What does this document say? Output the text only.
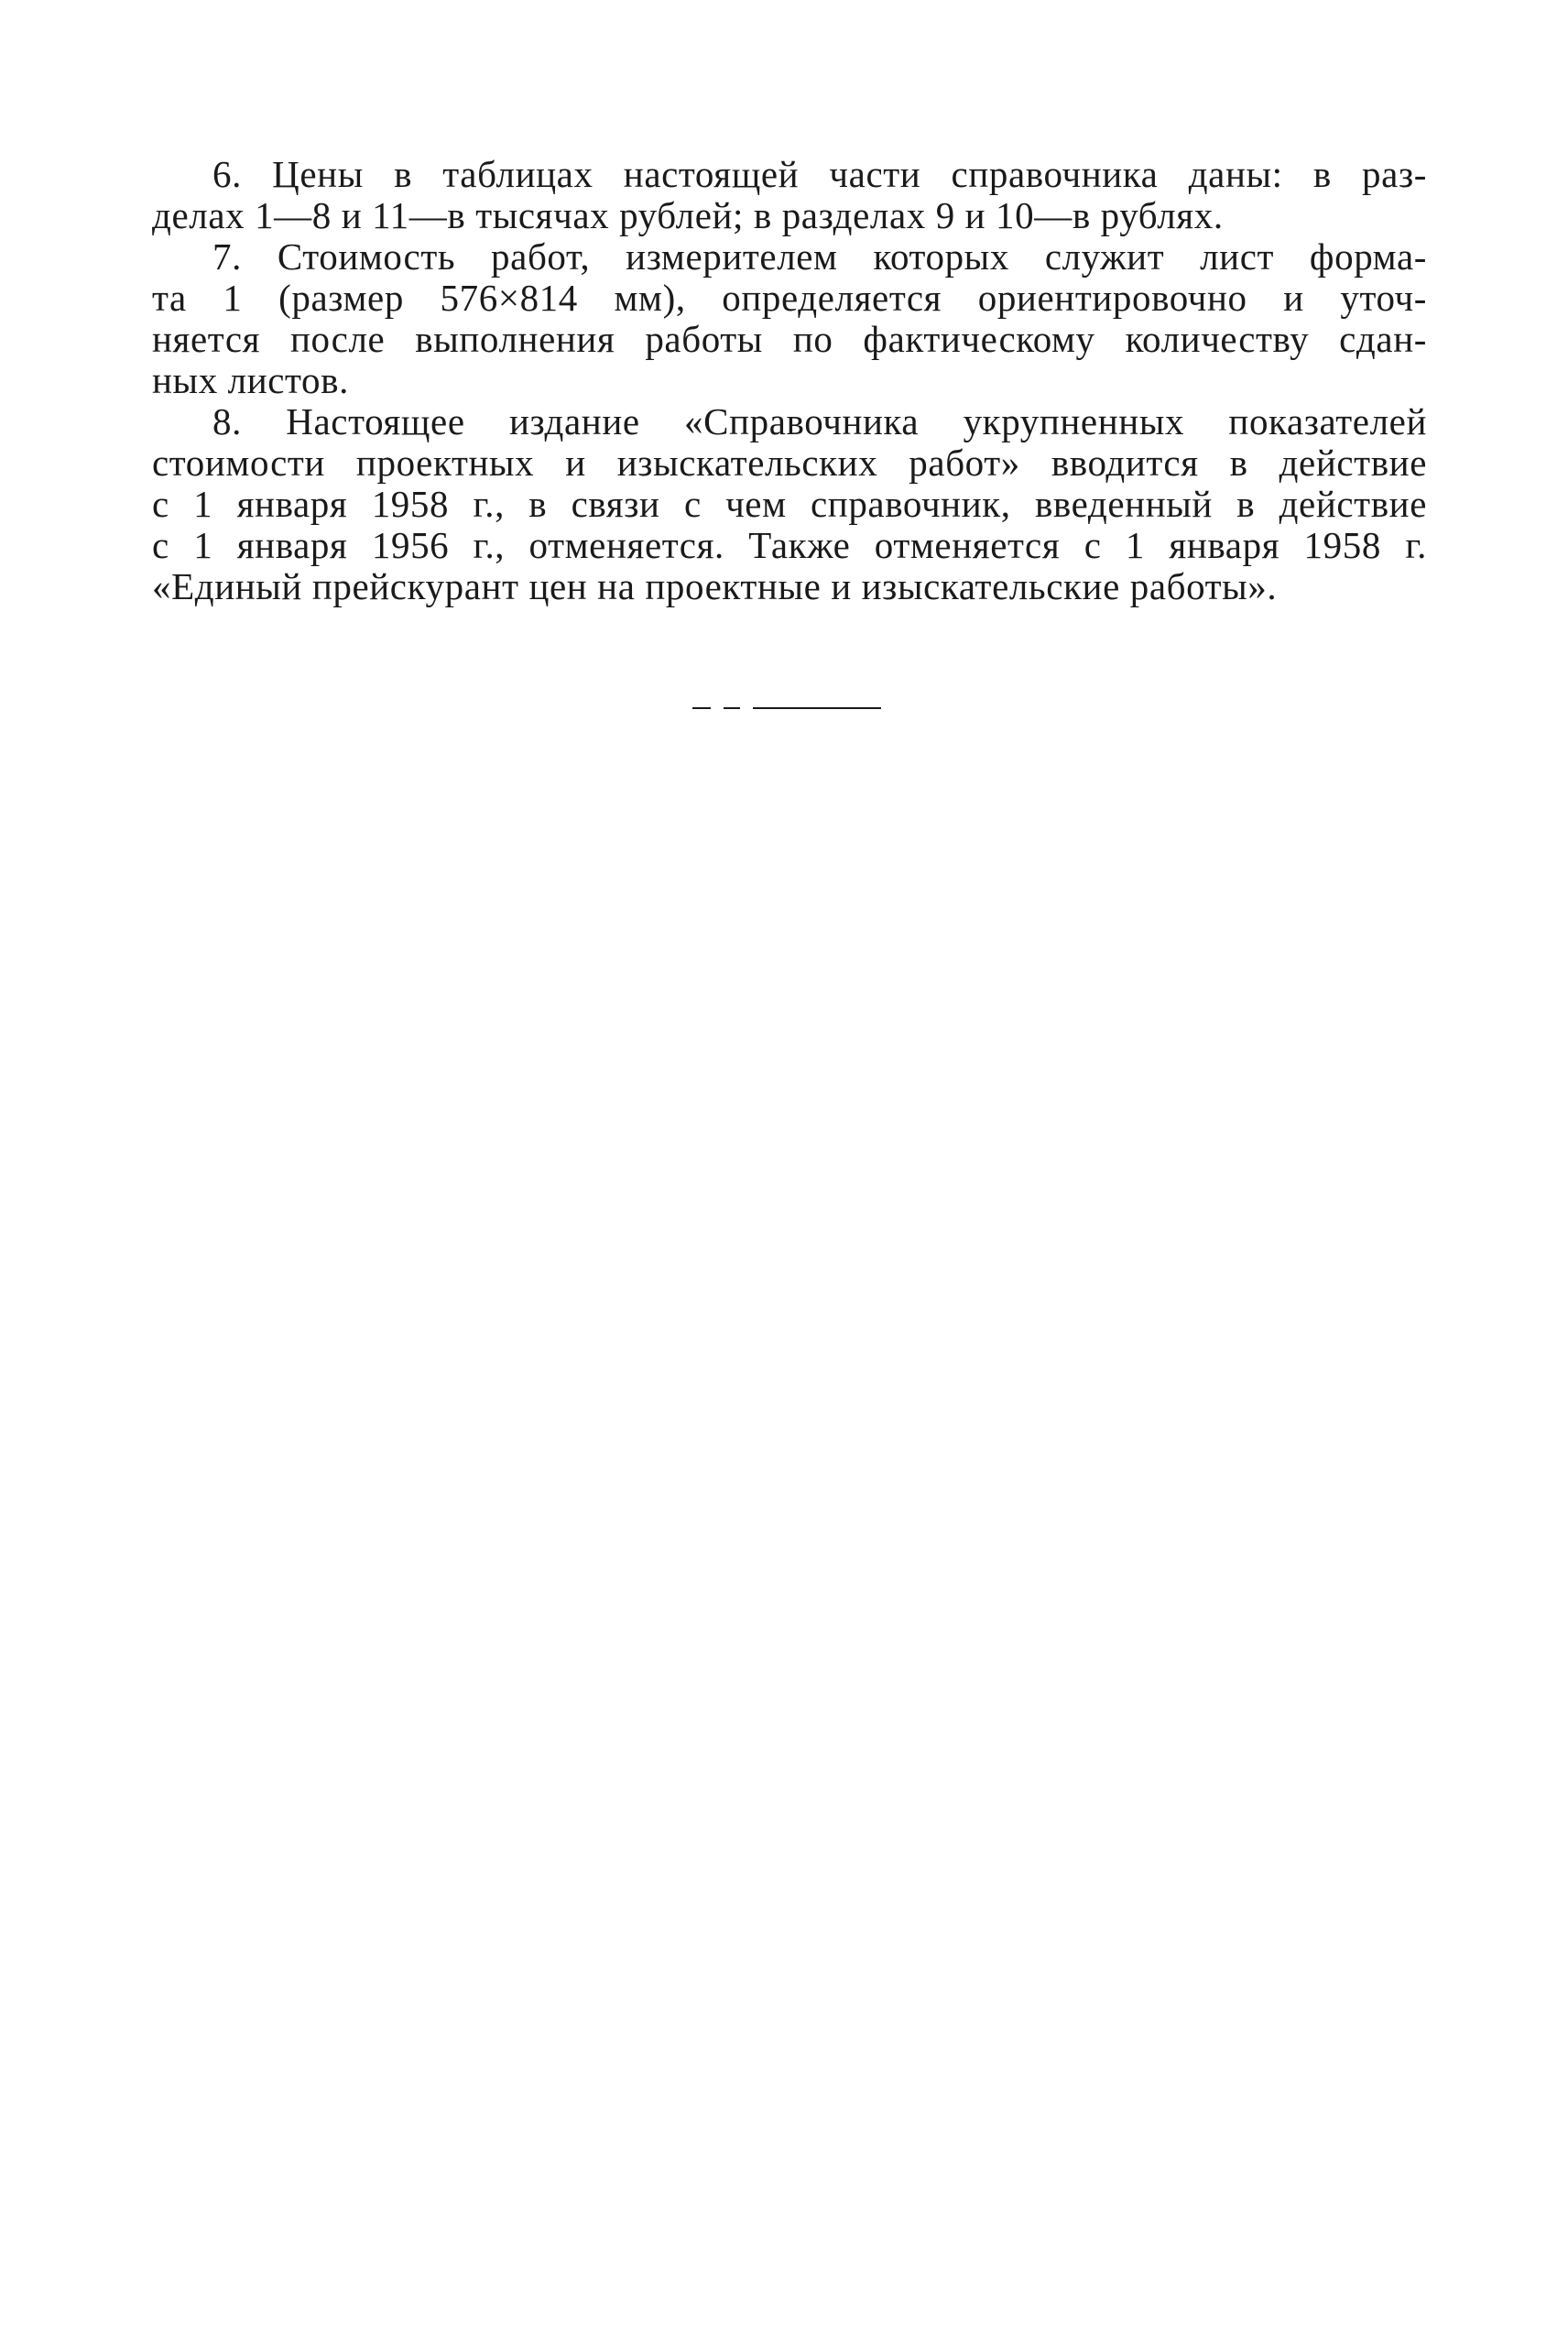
6. Цены в таблицах настоящей части справочника даны: в раз-
делах 1—8 и 11—в тысячах рублей; в разделах 9 и 10—в рублях.
7. Стоимость работ, измерителем которых служит лист форма-
та 1 (размер 576×814 мм), определяется ориентировочно и уточ-
няется после выполнения работы по фактическому количеству сдан-
ных листов.
8. Настоящее издание «Справочника укрупненных показателей
стоимости проектных и изыскательских работ» вводится в действие
с 1 января 1958 г., в связи с чем справочник, введенный в действие
с 1 января 1956 г., отменяется. Также отменяется с 1 января 1958 г.
«Единый прейскурант цен на проектные и изыскательские работы».
